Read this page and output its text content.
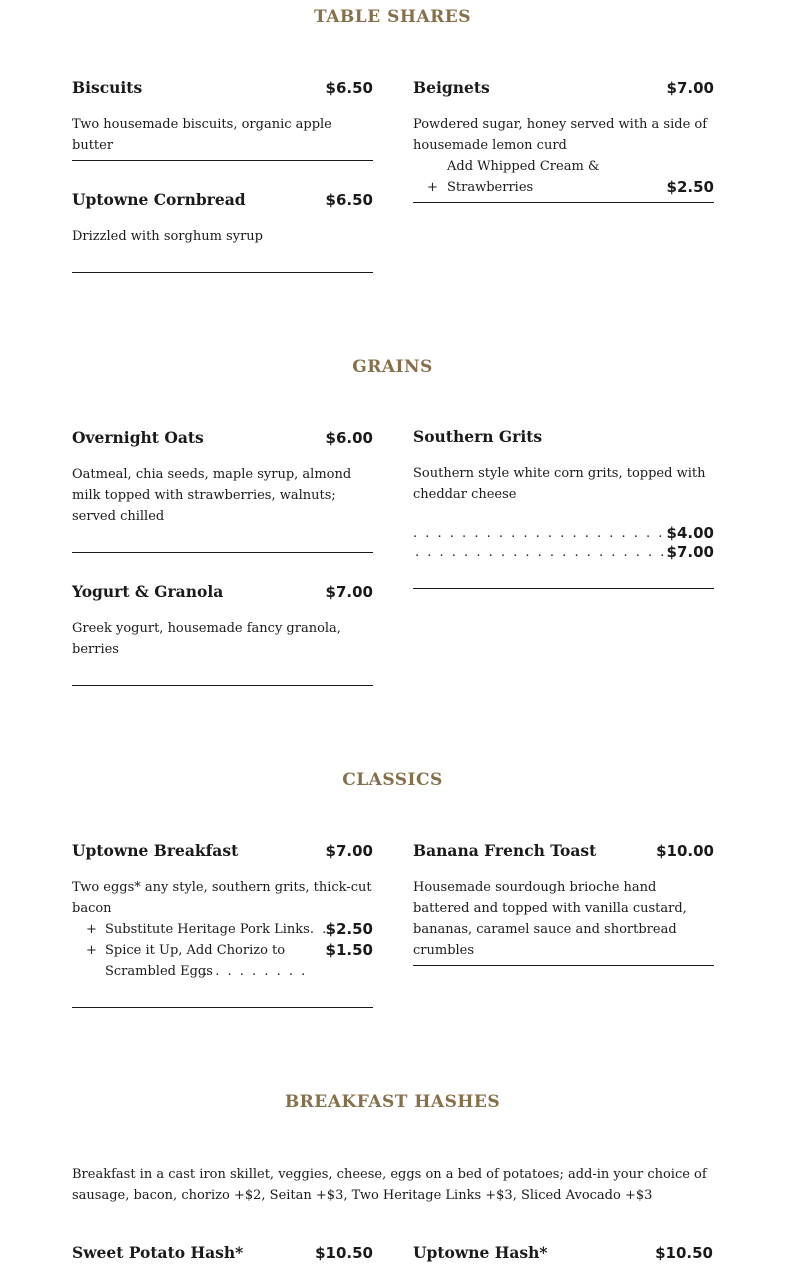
TABLE SHARES
Biscuits	$6.50
Two housemade biscuits, organic apple butter
Uptowne Cornbread	$6.50
Drizzled with sorghum syrup
Beignets	$7.00
Powdered sugar, honey served with a side of housemade lemon curd
+
Add Whipped Cream & Strawberries	$2.50
GRAINS
Overnight Oats	$6.00
Oatmeal, chia seeds, maple syrup, almond milk topped with strawberries, walnuts; served chilled
Yogurt & Granola	$7.00
Greek yogurt, housemade fancy granola, berries
Southern Grits
Southern style white corn grits, topped with cheddar cheese
. . .
$4.00
. . .
$7.00
CLASSICS
Uptowne Breakfast	$7.00
Two eggs* any style, southern grits, thick-cut bacon
+ Substitute Heritage Pork Links
. . . $2.50
+ Spice it Up, Add Chorizo to Scrambled Eggs
. . .
$1.50
Banana French Toast	$10.00
Housemade sourdough brioche hand battered and topped with vanilla custard, bananas, caramel sauce and shortbread crumbles
BREAKFAST HASHES

Breakfast in a cast iron skillet, veggies, cheese, eggs on a bed of potatoes; add-in your choice of sausage, bacon, chorizo +$2, Seitan +$3, Two Heritage Links +$3, Sliced Avocado +$3

Sweet Potato Hash*	$10.50	Uptowne Hash*	$10.50
